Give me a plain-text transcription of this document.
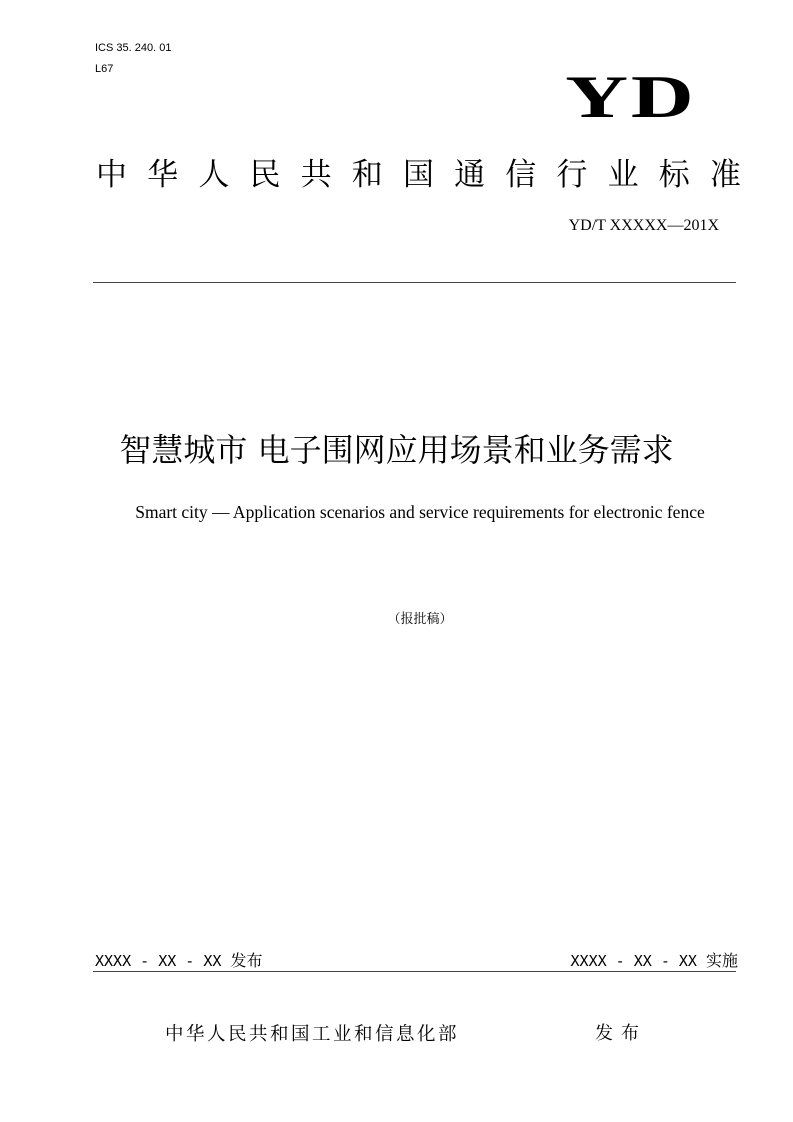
ICS 35. 240. 01
L67	YD
中 华 人 民 共 和 国 通 信 行 业 标 准
YD/T XXXXX—201X
智慧城市 电子围网应用场景和业务需求
Smart city — Application scenarios and service requirements for electronic fence
（报批稿）
XXXX - XX - XX 发布	XXXX - XX - XX 实施
中华人民共和国工业和信息化部	发布
